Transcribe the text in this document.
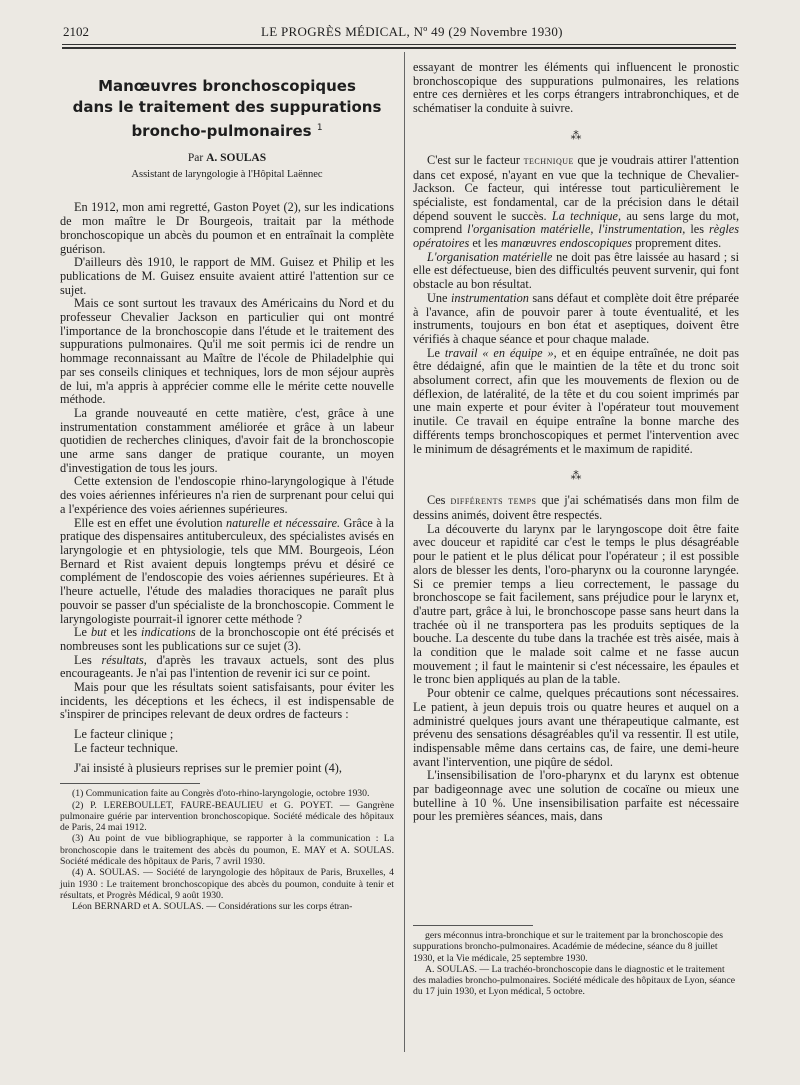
2102	LE PROGRÈS MÉDICAL, Nº 49 (29 Novembre 1930)
Manœuvres bronchoscopiques
dans le traitement des suppurations
broncho-pulmonaires $^1$
Par A. SOULAS
Assistant de laryngologie à l'Hôpital Laënnec

En 1912, mon ami regretté, Gaston Poyet (2), sur les indications de mon maître le Dr Bourgeois, traitait par la méthode bronchoscopique un abcès du poumon et en entraînait la complète guérison.

D'ailleurs dès 1910, le rapport de MM. Guisez et Philip et les publications de M. Guisez ensuite avaient attiré l'attention sur ce sujet.

Mais ce sont surtout les travaux des Américains du Nord et du professeur Chevalier Jackson en particulier qui ont montré l'importance de la bronchoscopie dans l'étude et le traitement des suppurations pulmonaires. Qu'il me soit permis ici de rendre un hommage reconnaissant au Maître de l'école de Philadelphie qui par ses conseils cliniques et techniques, lors de mon séjour auprès de lui, m'a appris à apprécier comme elle le mérite cette nouvelle méthode.

La grande nouveauté en cette matière, c'est, grâce à une instrumentation constamment améliorée et grâce à un labeur quotidien de recherches cliniques, d'avoir fait de la bronchoscopie une arme sans danger de pratique courante, un moyen d'investigation de tous les jours.

Cette extension de l'endoscopie rhino-laryngologique à l'étude des voies aériennes inférieures n'a rien de surprenant pour celui qui a l'expérience des voies aériennes supérieures.

Elle est en effet une évolution naturelle et nécessaire. Grâce à la pratique des dispensaires antituberculeux, des spécialistes avisés en laryngologie et en phtysiologie, tels que MM. Bourgeois, Léon Bernard et Rist avaient depuis longtemps prévu et désiré ce complément de l'endoscopie des voies aériennes supérieures. Et à l'heure actuelle, l'étude des maladies thoraciques ne paraît plus pouvoir se passer d'un spécialiste de la bronchoscopie. Comment le laryngologiste pourrait-il ignorer cette méthode ?

Le but et les indications de la bronchoscopie ont été précisés et nombreuses sont les publications sur ce sujet (3).

Les résultats, d'après les travaux actuels, sont des plus encourageants. Je n'ai pas l'intention de revenir ici sur ce point.

Mais pour que les résultats soient satisfaisants, pour éviter les incidents, les déceptions et les échecs, il est indispensable de s'inspirer de principes relevant de deux ordres de facteurs :

Le facteur clinique ;

Le facteur technique.

J'ai insisté à plusieurs reprises sur le premier point (4),

(1) Communication faite au Congrès d'oto-rhino-laryngologie, octobre 1930.

(2) P. LEREBOULLET, FAURE-BEAULIEU et G. POYET. — Gangrène pulmonaire guérie par intervention bronchoscopique. Société médicale des hôpitaux de Paris, 24 mai 1912.

(3) Au point de vue bibliographique, se rapporter à la communication : La bronchoscopie dans le traitement des abcès du poumon, E. MAY et A. SOULAS. Société médicale des hôpitaux de Paris, 7 avril 1930.

(4) A. SOULAS. — Société de laryngologie des hôpitaux de Paris, Bruxelles, 4 juin 1930 : Le traitement bronchoscopique des abcès du poumon, conduite à tenir et résultats, et Progrès Médical, 9 août 1930.

Léon BERNARD et A. SOULAS. — Considérations sur les corps étran-

essayant de montrer les éléments qui influencent le pronostic bronchoscopique des suppurations pulmonaires, les relations entre ces dernières et les corps étrangers intrabronchiques, et de schématiser la conduite à suivre.

⁂

C'est sur le facteur technique que je voudrais attirer l'attention dans cet exposé, n'ayant en vue que la technique de Chevalier-Jackson. Ce facteur, qui intéresse tout particulièrement le spécialiste, est fondamental, car de la précision dans le détail dépend souvent le succès. La technique, au sens large du mot, comprend l'organisation matérielle, l'instrumentation, les règles opératoires et les manœuvres endoscopiques proprement dites.

L'organisation matérielle ne doit pas être laissée au hasard ; si elle est défectueuse, bien des difficultés peuvent survenir, qui font obstacle au bon résultat.

Une instrumentation sans défaut et complète doit être préparée à l'avance, afin de pouvoir parer à toute éventualité, et les instruments, toujours en bon état et aseptiques, doivent être vérifiés à chaque séance et pour chaque malade.

Le travail « en équipe », et en équipe entraînée, ne doit pas être dédaigné, afin que le maintien de la tête et du tronc soit absolument correct, afin que les mouvements de flexion ou de déflexion, de latéralité, de la tête et du cou soient imprimés par une main experte et pour éviter à l'opérateur tout mouvement inutile. Ce travail en équipe entraîne la bonne marche des différents temps bronchoscopiques et permet l'intervention avec le minimum de désagréments et le maximum de rapidité.

⁂

Ces différents temps que j'ai schématisés dans mon film de dessins animés, doivent être respectés.

La découverte du larynx par le laryngoscope doit être faite avec douceur et rapidité car c'est le temps le plus désagréable pour le patient et le plus délicat pour l'opérateur ; il est possible alors de blesser les dents, l'oro-pharynx ou la couronne laryngée. Si ce premier temps a lieu correctement, le passage du bronchoscope se fait facilement, sans préjudice pour le larynx et, d'autre part, grâce à lui, le bronchoscope passe sans heurt dans la trachée où il ne transportera pas les produits septiques de la bouche. La descente du tube dans la trachée est très aisée, mais à la condition que le malade soit calme et ne fasse aucun mouvement ; il faut le maintenir si c'est nécessaire, les épaules et le tronc bien appliqués au plan de la table.

Pour obtenir ce calme, quelques précautions sont nécessaires. Le patient, à jeun depuis trois ou quatre heures et auquel on a administré quelques jours avant une thérapeutique calmante, est prévenu des sensations désagréables qu'il va ressentir. Il est utile, indispensable même dans certains cas, de faire, une demi-heure avant l'intervention, une piqûre de sédol.

L'insensibilisation de l'oro-pharynx et du larynx est obtenue par badigeonnage avec une solution de cocaïne ou mieux une butelline à 10 %. Une insensibilisation parfaite est nécessaire pour les premières séances, mais, dans

gers méconnus intra-bronchique et sur le traitement par la bronchoscopie des suppurations broncho-pulmonaires. Académie de médecine, séance du 8 juillet 1930, et la Vie médicale, 25 septembre 1930.

A. SOULAS. — La trachéo-bronchoscopie dans le diagnostic et le traitement des maladies broncho-pulmonaires. Société médicale des hôpitaux de Lyon, séance du 17 juin 1930, et Lyon médical, 5 octobre.
